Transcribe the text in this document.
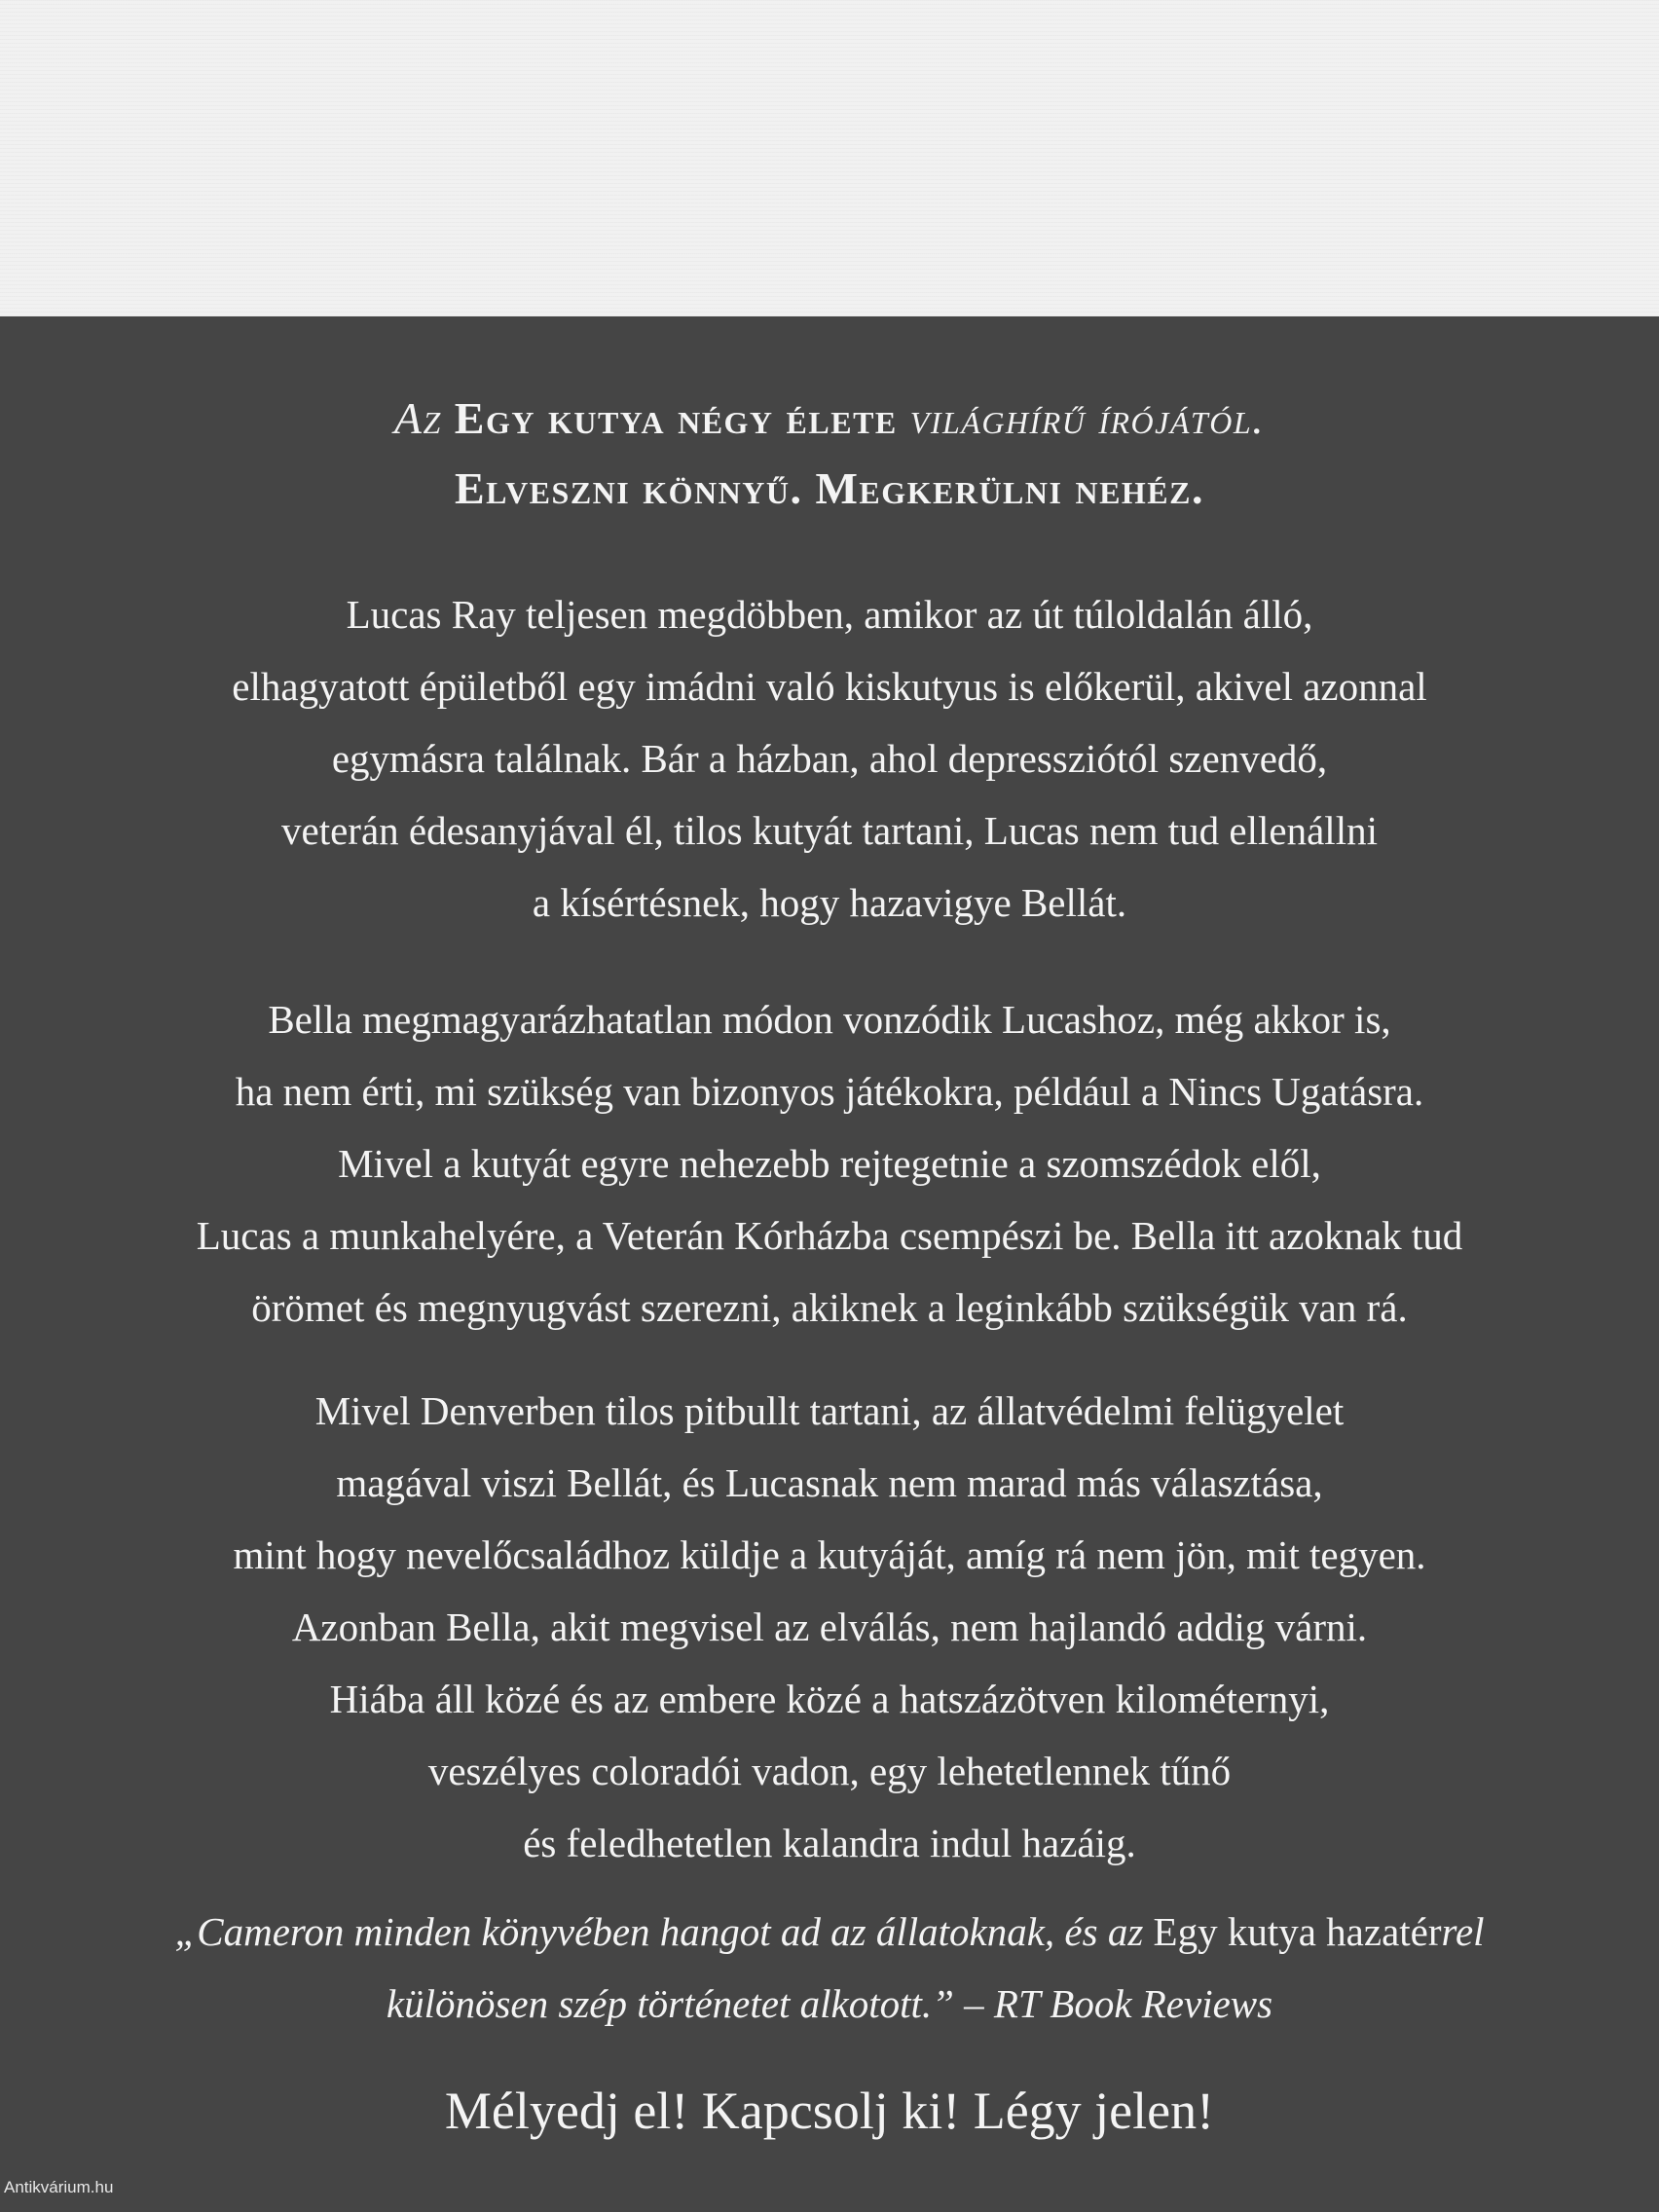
Az Egy kutya négy élete világhírű írójától.
Elveszni könnyű. Megkerülni nehéz.
Lucas Ray teljesen megdöbben, amikor az út túloldalán álló,
elhagyatott épületből egy imádni való kiskutyus is előkerül, akivel azonnal
egymásra találnak. Bár a házban, ahol depressziótól szenvedő,
veterán édesanyjával él, tilos kutyát tartani, Lucas nem tud ellenállni
a kísértésnek, hogy hazavigye Bellát.
Bella megmagyarázhatatlan módon vonzódik Lucashoz, még akkor is,
ha nem érti, mi szükség van bizonyos játékokra, például a Nincs Ugatásra.
Mivel a kutyát egyre nehezebb rejtegetnie a szomszédok elől,
Lucas a munkahelyére, a Veterán Kórházba csempészi be. Bella itt azoknak tud
örömet és megnyugvást szerezni, akiknek a leginkább szükségük van rá.
Mivel Denverben tilos pitbullt tartani, az állatvédelmi felügyelet
magával viszi Bellát, és Lucasnak nem marad más választása,
mint hogy nevelőcsaládhoz küldje a kutyáját, amíg rá nem jön, mit tegyen.
Azonban Bella, akit megvisel az elválás, nem hajlandó addig várni.
Hiába áll közé és az embere közé a hatszázötven kilométernyi,
veszélyes coloradói vadon, egy lehetetlennek tűnő
és feledhetetlen kalandra indul hazáig.
„Cameron minden könyvében hangot ad az állatoknak, és az Egy kutya hazatérrel
különösen szép történetet alkotott.” – RT Book Reviews
Mélyedj el! Kapcsolj ki! Légy jelen!
Antikvárium.hu
